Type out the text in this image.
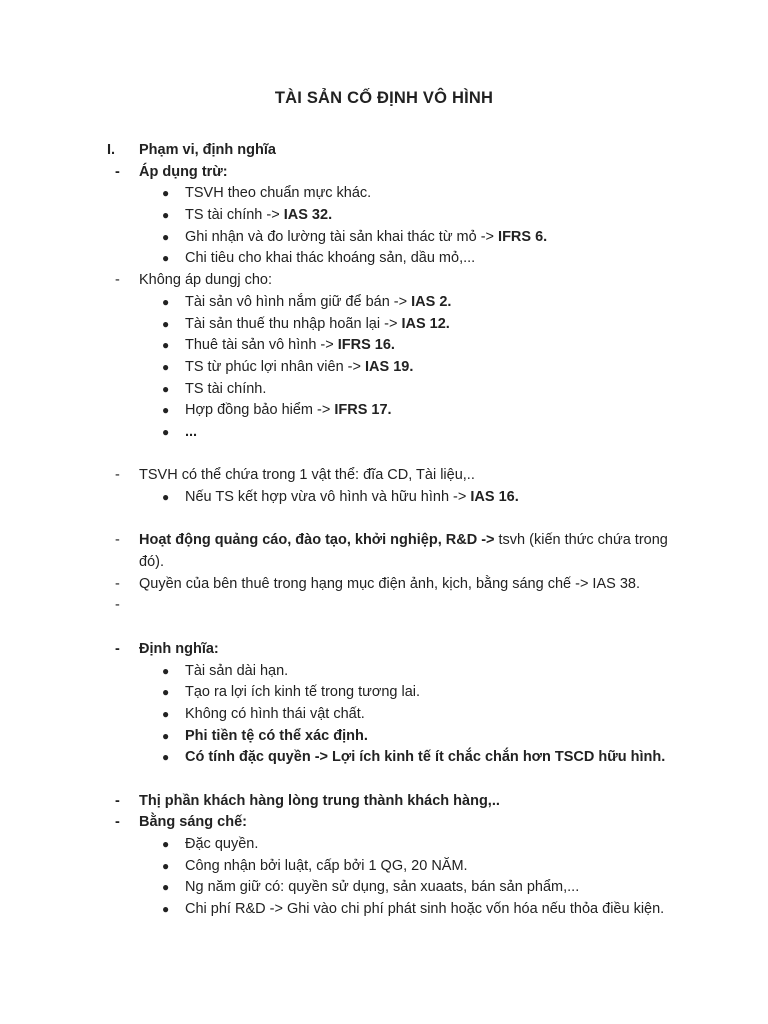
TÀI SẢN CỐ ĐỊNH VÔ HÌNH
I. Phạm vi, định nghĩa
- Áp dụng trừ:
● TSVH theo chuẩn mực khác.
● TS tài chính -> IAS 32.
● Ghi nhận và đo lường tài sản khai thác từ mỏ -> IFRS 6.
● Chi tiêu cho khai thác khoáng sản, dầu mỏ,...
- Không áp dungj cho:
● Tài sản vô hình nắm giữ để bán -> IAS 2.
● Tài sản thuế thu nhập hoãn lại -> IAS 12.
● Thuê tài sản vô hình -> IFRS 16.
● TS từ phúc lợi nhân viên -> IAS 19.
● TS tài chính.
● Hợp đồng bảo hiểm -> IFRS 17.
● ...
- TSVH có thể chứa trong 1 vật thể: đĩa CD, Tài liệu,..
● Nếu TS kết hợp vừa vô hình và hữu hình -> IAS 16.
- Hoạt động quảng cáo, đào tạo, khởi nghiệp, R&D -> tsvh (kiến thức chứa trong đó).
- Quyền của bên thuê trong hạng mục điện ảnh, kịch, bằng sáng chế -> IAS 38.
-
- Định nghĩa:
● Tài sản dài hạn.
● Tạo ra lợi ích kinh tế trong tương lai.
● Không có hình thái vật chất.
● Phi tiền tệ có thể xác định.
● Có tính đặc quyền -> Lợi ích kinh tế ít chắc chắn hơn TSCD hữu hình.
- Thị phần khách hàng lòng trung thành khách hàng,..
- Bằng sáng chế:
● Đặc quyền.
● Công nhận bởi luật, cấp bởi 1 QG, 20 NĂM.
● Ng năm giữ có: quyền sử dụng, sản xuaats, bán sản phẩm,...
● Chi phí R&D -> Ghi vào chi phí phát sinh hoặc vốn hóa nếu thỏa điều kiện.
